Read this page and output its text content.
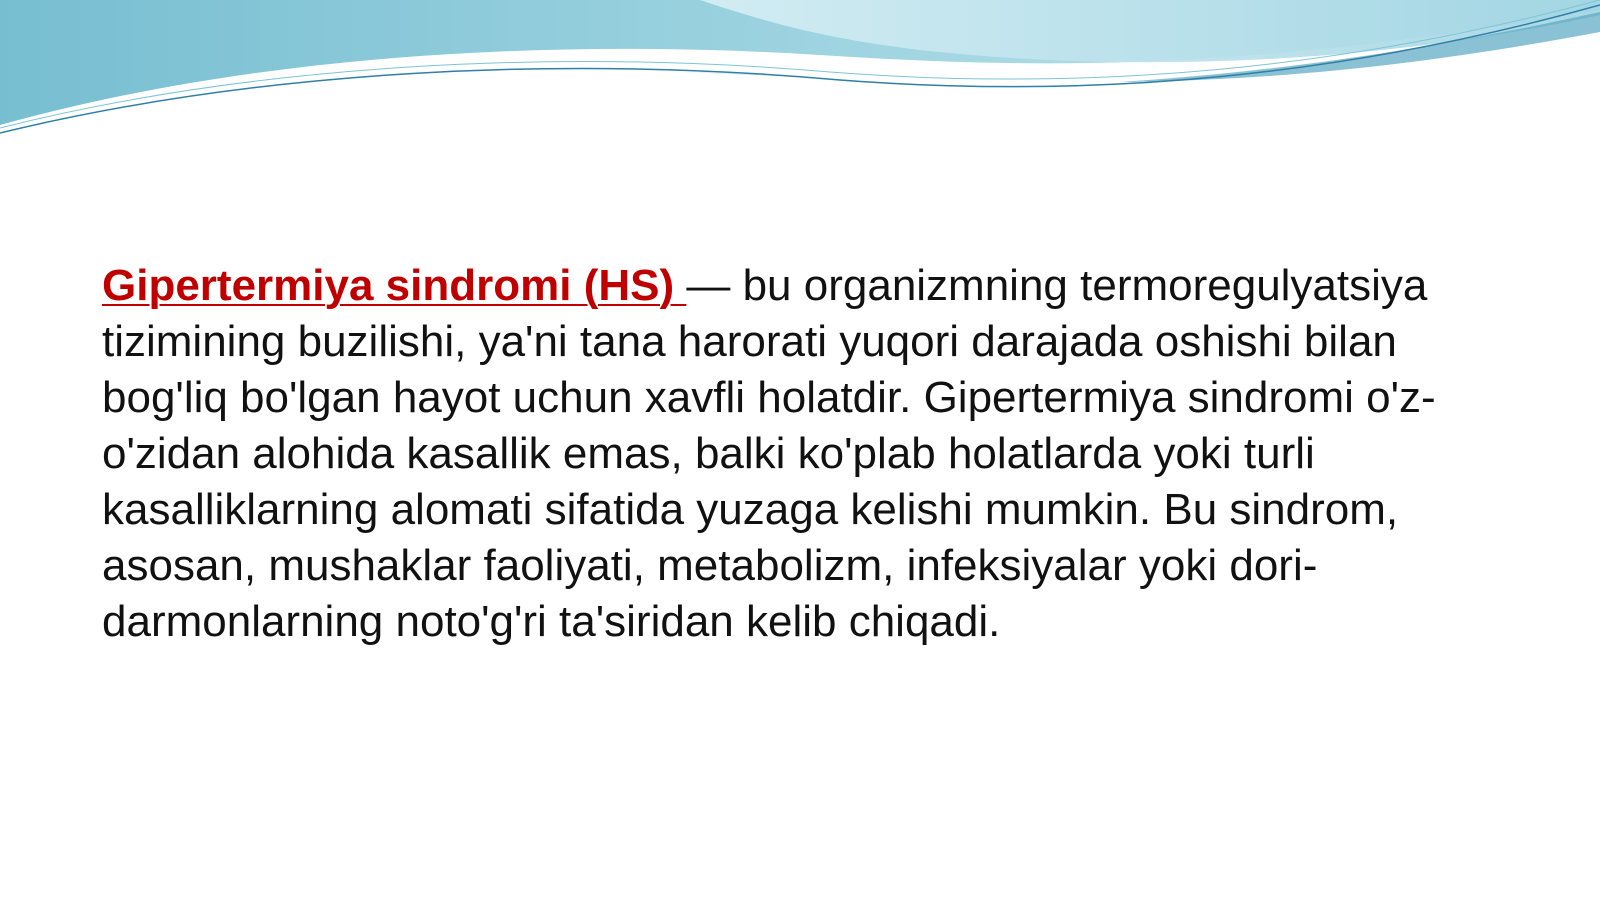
Gipertermiya sindromi (HS) — bu organizmning termoregulyatsiya
tizimining buzilishi, ya'ni tana harorati yuqori darajada oshishi bilan
bog'liq bo'lgan hayot uchun xavfli holatdir. Gipertermiya sindromi o'z-
o'zidan alohida kasallik emas, balki ko'plab holatlarda yoki turli
kasalliklarning alomati sifatida yuzaga kelishi mumkin. Bu sindrom,
asosan, mushaklar faoliyati, metabolizm, infeksiyalar yoki dori-
darmonlarning noto'g'ri ta'siridan kelib chiqadi.
